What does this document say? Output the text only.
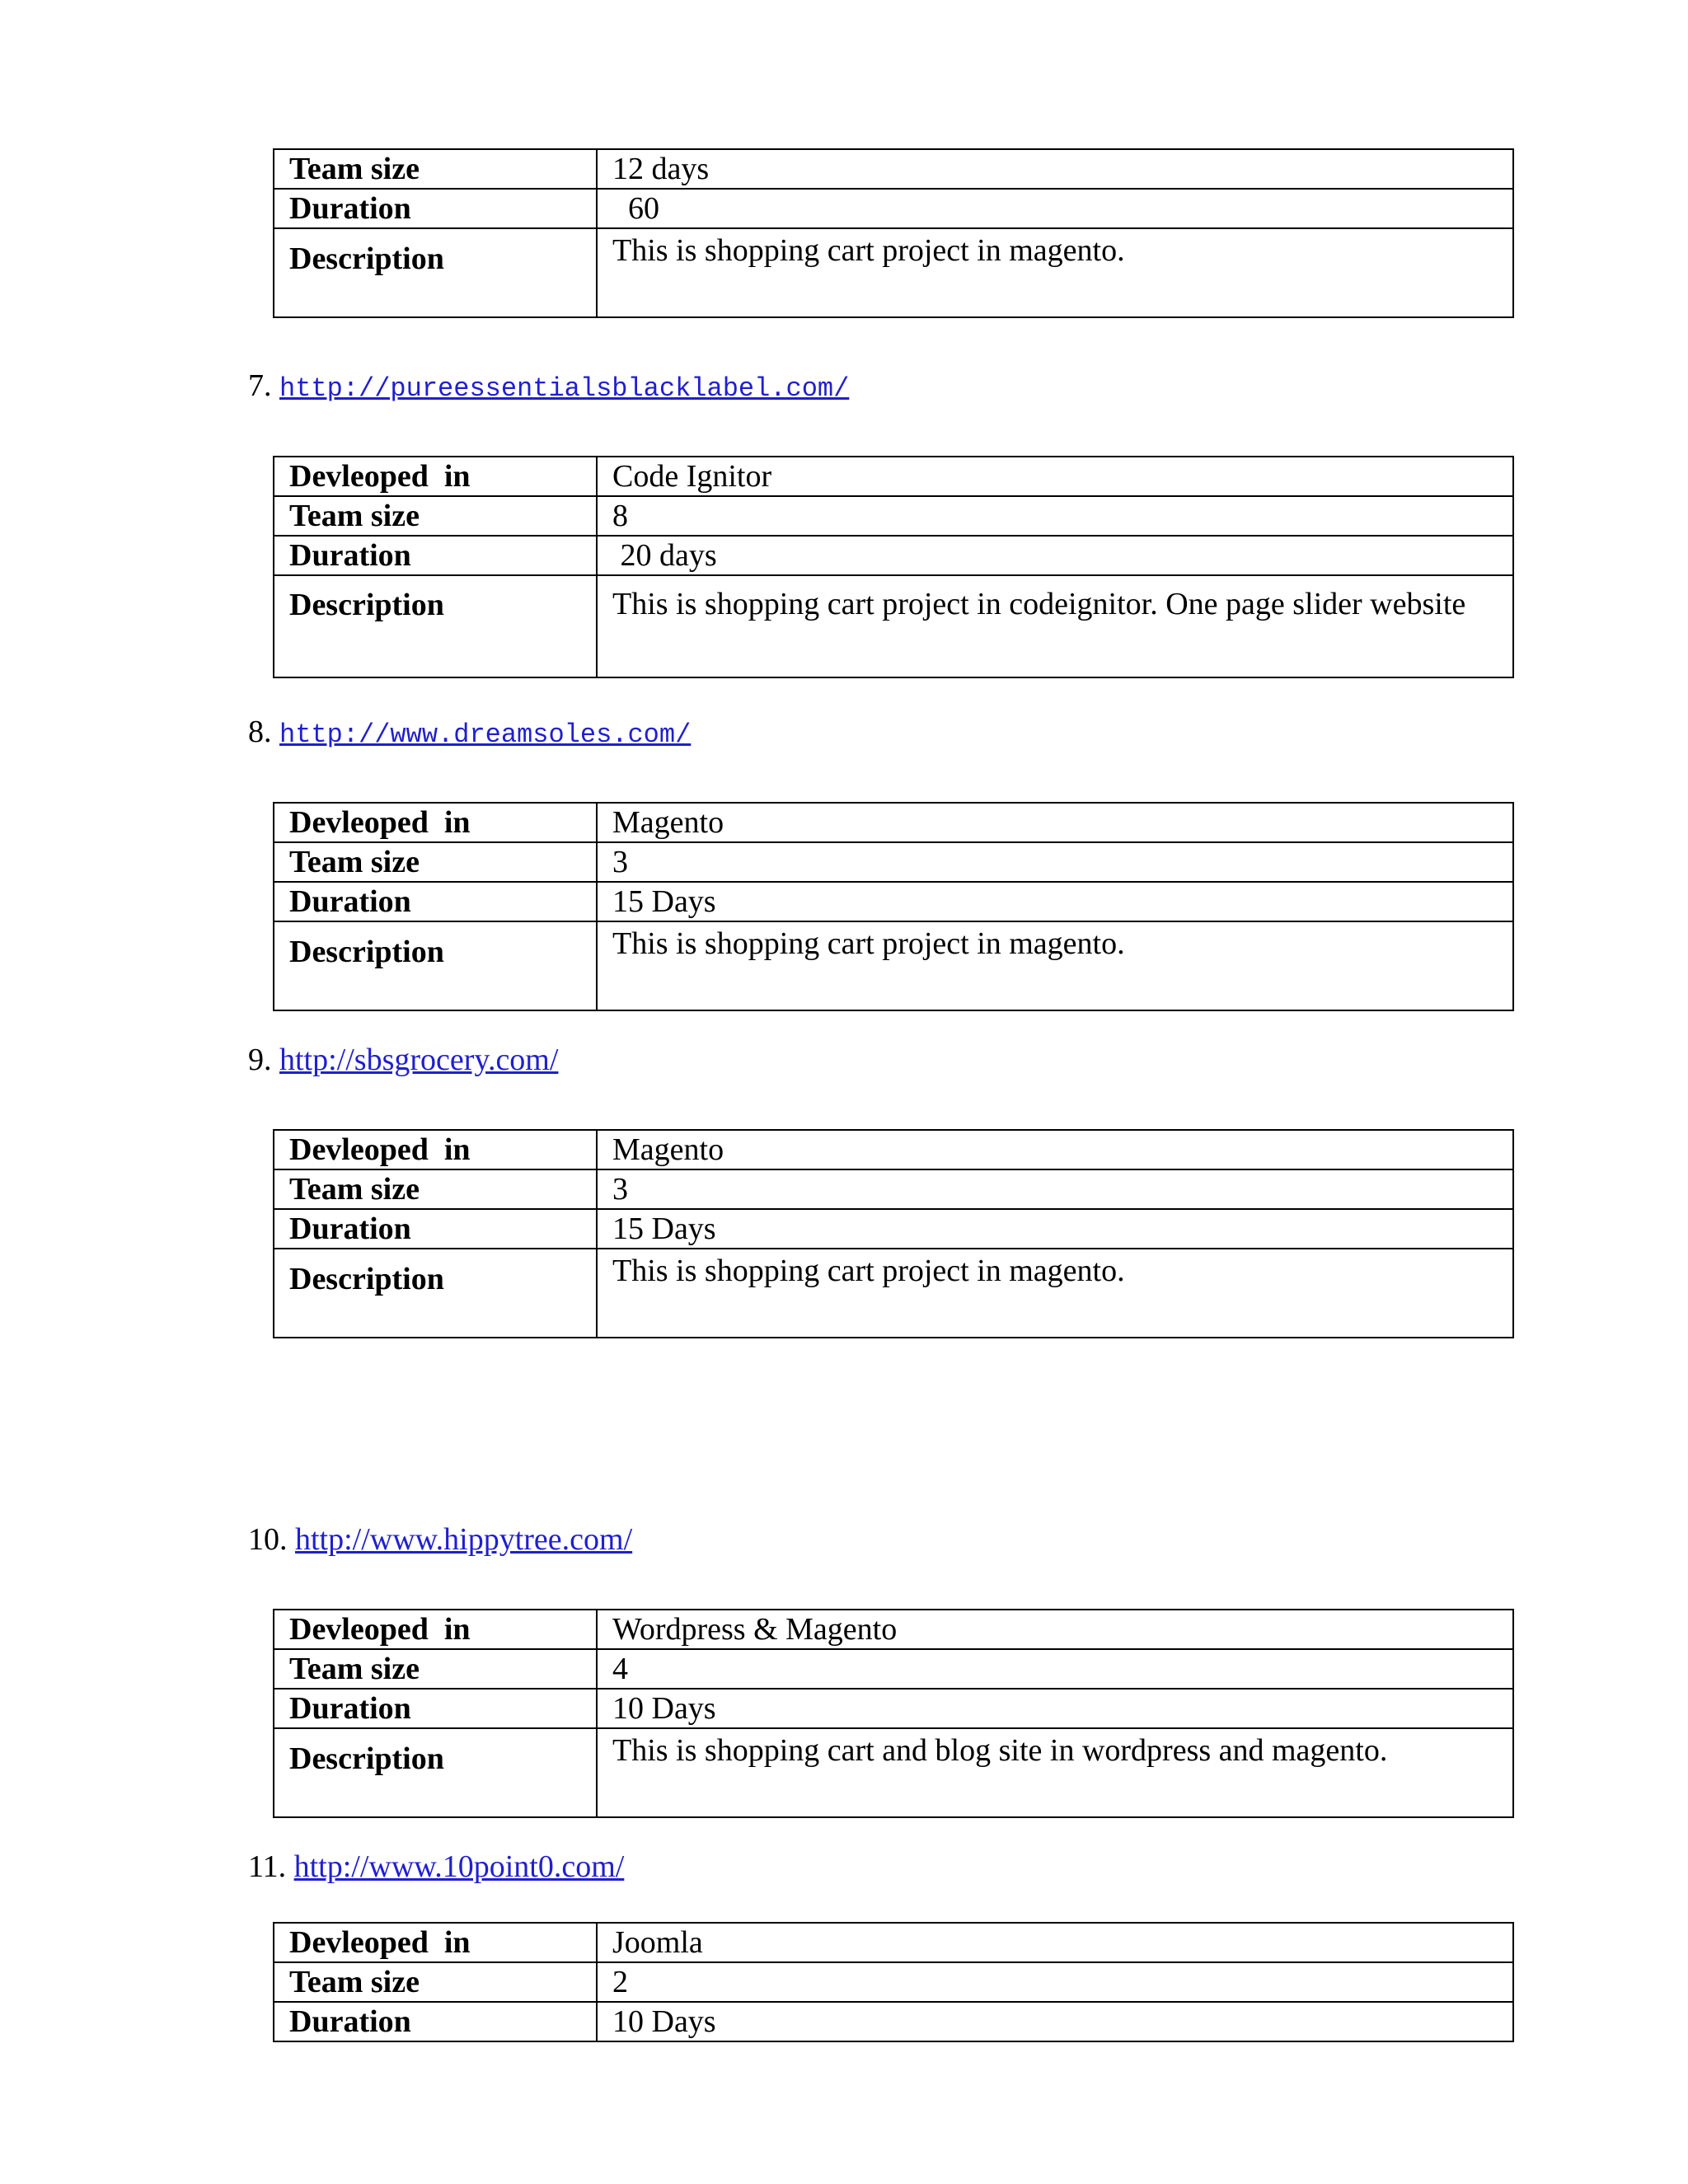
Team size	12 days
Duration	60
Description	This is shopping cart project in magento.
7. http://pureessentialsblacklabel.com/
Devleoped  in	Code Ignitor
Team size	8
Duration	20 days
Description	This is shopping cart project in codeignitor. One page slider website
8. http://www.dreamsoles.com/
Devleoped  in	Magento
Team size	3
Duration	15 Days
Description	This is shopping cart project in magento.
9. http://sbsgrocery.com/
Devleoped  in	Magento
Team size	3
Duration	15 Days
Description	This is shopping cart project in magento.
10. http://www.hippytree.com/
Devleoped  in	Wordpress & Magento
Team size	4
Duration	10 Days
Description	This is shopping cart and blog site in wordpress and magento.
11. http://www.10point0.com/
Devleoped  in	Joomla
Team size	2
Duration	10 Days
